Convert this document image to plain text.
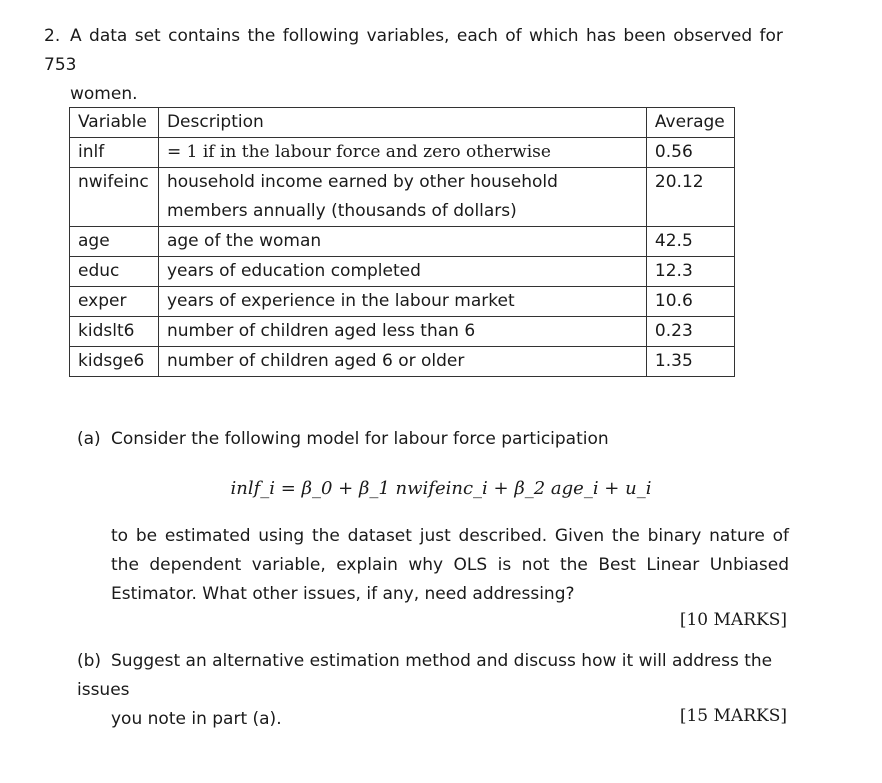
2. A data set contains the following variables, each of which has been observed for 753
women.
Variable	Description	Average
inlf	= 1 if in the labour force and zero otherwise	0.56
nwifeinc	household income earned by other household	20.12
	members annually (thousands of dollars)	
age	age of the woman	42.5
educ	years of education completed	12.3
exper	years of experience in the labour market	10.6
kidslt6	number of children aged less than 6	0.23
kidsge6	number of children aged 6 or older	1.35
(a) Consider the following model for labour force participation
inlf_i = β_0 + β_1 nwifeinc_i + β_2 age_i + u_i
to be estimated using the dataset just described. Given the binary nature of the dependent variable, explain why OLS is not the Best Linear Unbiased Estimator. What other issues, if any, need addressing?
[10 MARKS]
(b) Suggest an alternative estimation method and discuss how it will address the issues
you note in part (a).	[15 MARKS]
